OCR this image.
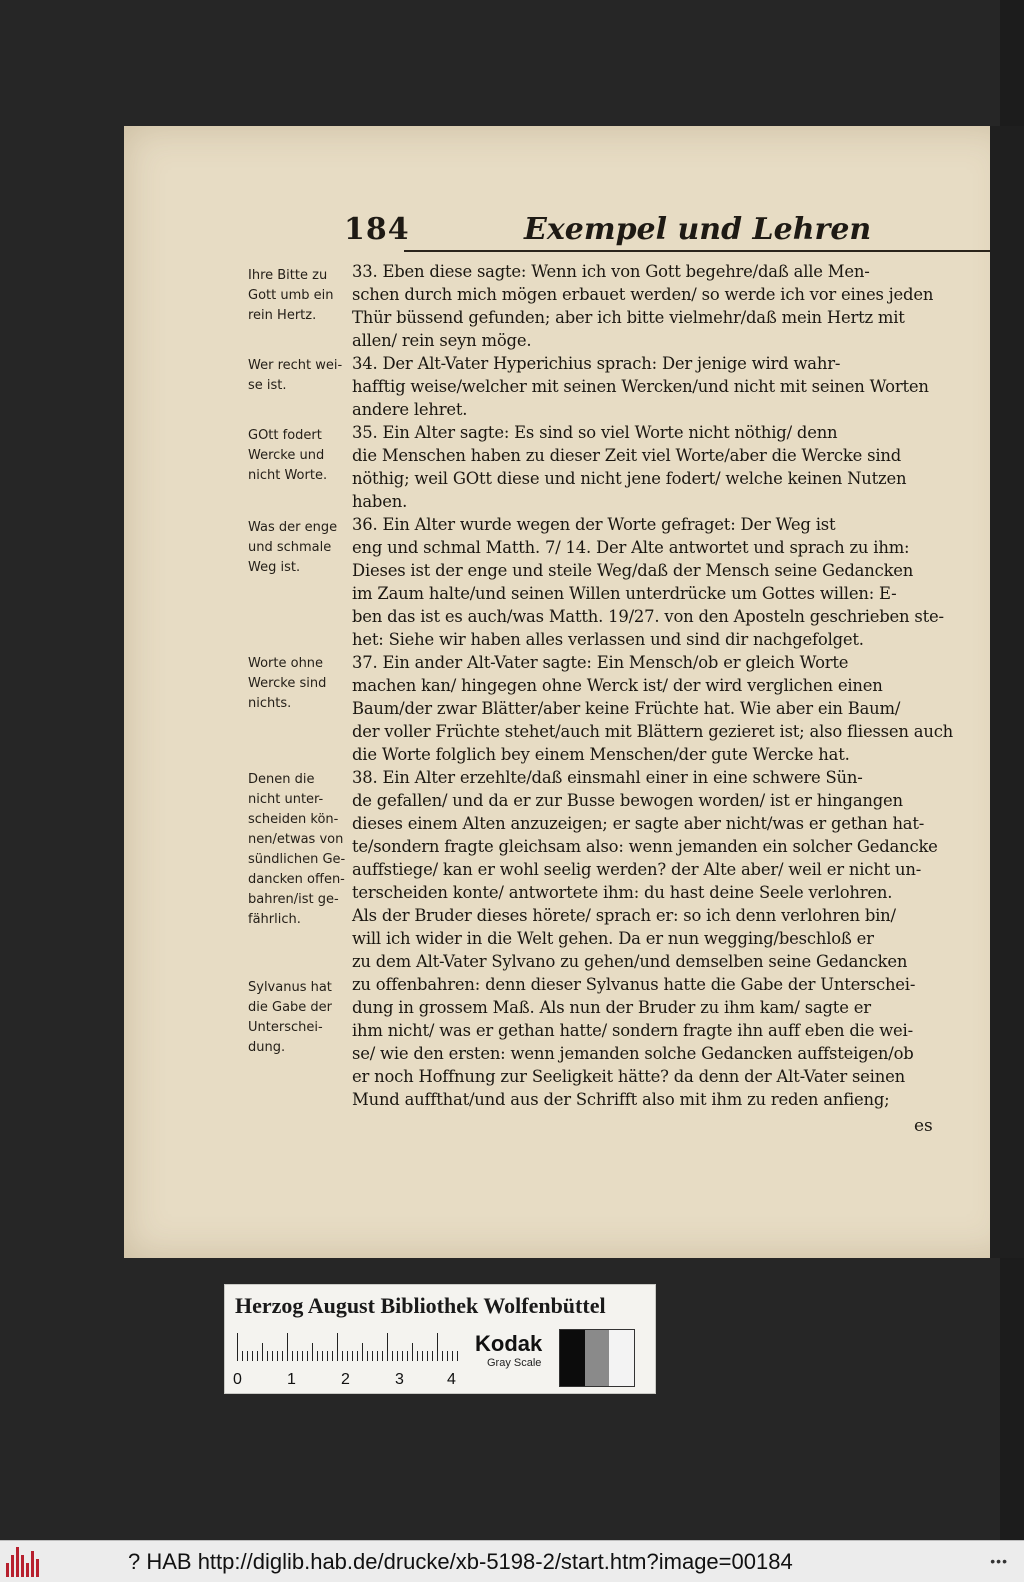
184	Exempel und Lehren
Ihre Bitte zu
Gott umb ein
rein Hertz.
Wer recht wei-
se ist.
GOtt fodert
Wercke und
nicht Worte.
Was der enge
und schmale
Weg ist.
Worte ohne
Wercke sind
nichts.
Denen die
nicht unter-
scheiden kön-
nen/etwas von
sündlichen Ge-
dancken offen-
bahren/ist ge-
fährlich.
Sylvanus hat
die Gabe der
Unterschei-
dung.
33. Eben diese sagte: Wenn ich von Gott begehre/daß alle Men-
schen durch mich mögen erbauet werden/ so werde ich vor eines jeden
Thür büssend gefunden; aber ich bitte vielmehr/daß mein Hertz mit
allen/ rein seyn möge.
34. Der Alt-Vater Hyperichius sprach: Der jenige wird wahr-
hafftig weise/welcher mit seinen Wercken/und nicht mit seinen Worten
andere lehret.
35. Ein Alter sagte: Es sind so viel Worte nicht nöthig/ denn
die Menschen haben zu dieser Zeit viel Worte/aber die Wercke sind
nöthig; weil GOtt diese und nicht jene fodert/ welche keinen Nutzen
haben.
36. Ein Alter wurde wegen der Worte gefraget: Der Weg ist
eng und schmal Matth. 7/ 14. Der Alte antwortet und sprach zu ihm:
Dieses ist der enge und steile Weg/daß der Mensch seine Gedancken
im Zaum halte/und seinen Willen unterdrücke um Gottes willen: E-
ben das ist es auch/was Matth. 19/27. von den Aposteln geschrieben ste-
het: Siehe wir haben alles verlassen und sind dir nachgefolget.
37. Ein ander Alt-Vater sagte: Ein Mensch/ob er gleich Worte
machen kan/ hingegen ohne Werck ist/ der wird verglichen einen
Baum/der zwar Blätter/aber keine Früchte hat. Wie aber ein Baum/
der voller Früchte stehet/auch mit Blättern gezieret ist; also fliessen auch
die Worte folglich bey einem Menschen/der gute Wercke hat.
38. Ein Alter erzehlte/daß einsmahl einer in eine schwere Sün-
de gefallen/ und da er zur Busse bewogen worden/ ist er hingangen
dieses einem Alten anzuzeigen; er sagte aber nicht/was er gethan hat-
te/sondern fragte gleichsam also: wenn jemanden ein solcher Gedancke
auffstiege/ kan er wohl seelig werden? der Alte aber/ weil er nicht un-
terscheiden konte/ antwortete ihm: du hast deine Seele verlohren.
Als der Bruder dieses hörete/ sprach er: so ich denn verlohren bin/
will ich wider in die Welt gehen. Da er nun wegging/beschloß er
zu dem Alt-Vater Sylvano zu gehen/und demselben seine Gedancken
zu offenbahren: denn dieser Sylvanus hatte die Gabe der Unterschei-
dung in grossem Maß. Als nun der Bruder zu ihm kam/ sagte er
ihm nicht/ was er gethan hatte/ sondern fragte ihn auff eben die wei-
se/ wie den ersten: wenn jemanden solche Gedancken auffsteigen/ob
er noch Hoffnung zur Seeligkeit hätte? da denn der Alt-Vater seinen
Mund auffthat/und aus der Schrifft also mit ihm zu reden anfieng;
es
Herzog August Bibliothek Wolfenbüttel
0	1	2	3	4
Kodak
Gray Scale
? HAB http://diglib.hab.de/drucke/xb-5198-2/start.htm?image=00184	•••
